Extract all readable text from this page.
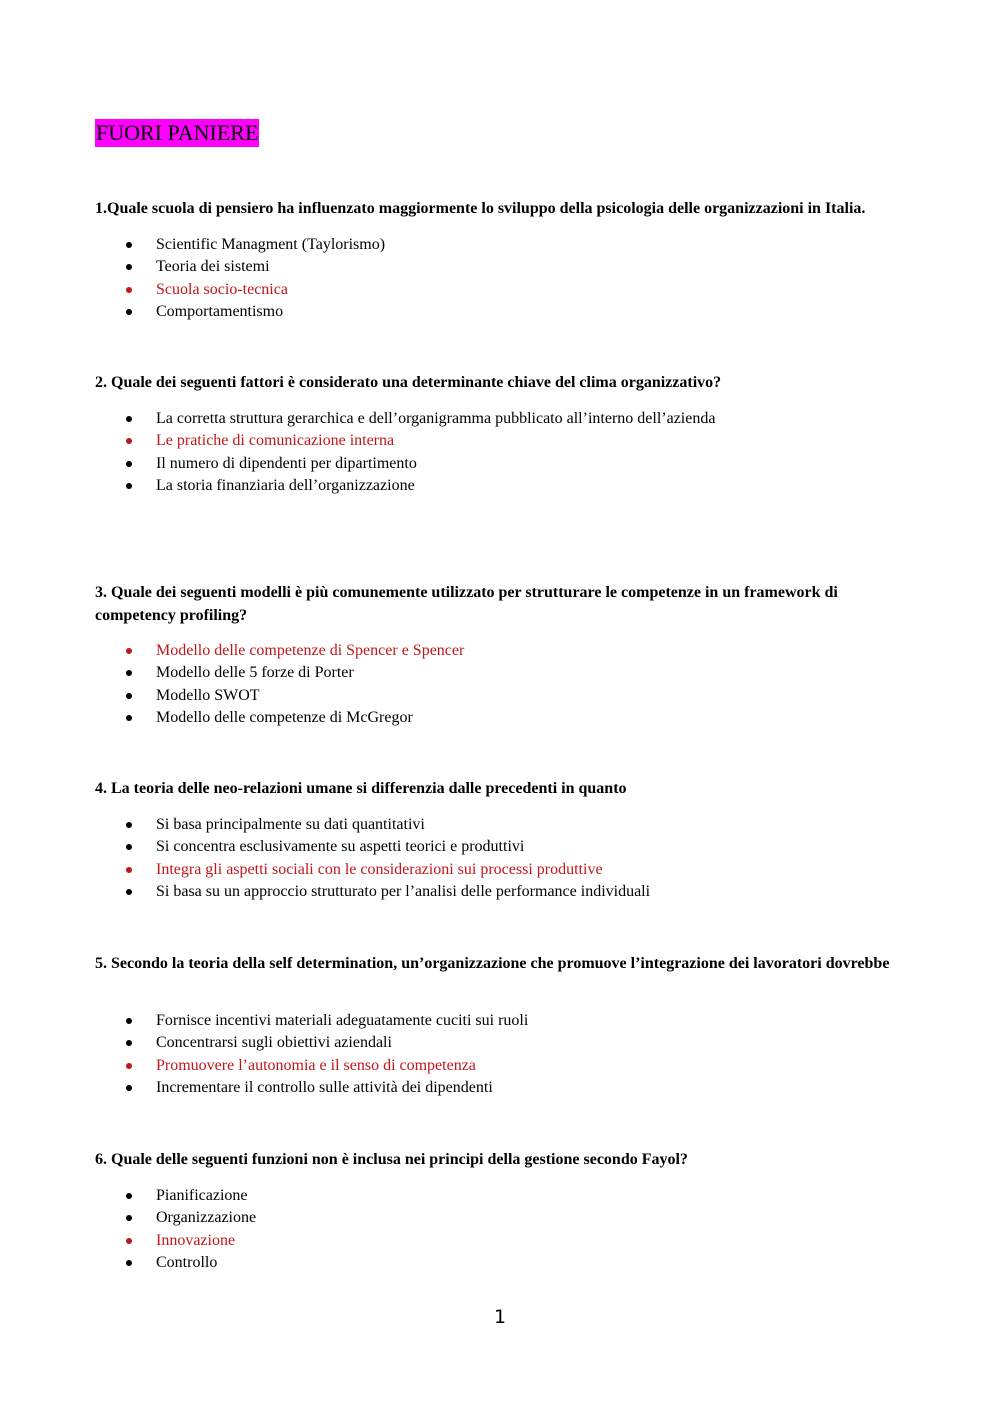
FUORI PANIERE

1.Quale scuola di pensiero ha influenzato maggiormente lo sviluppo della psicologia delle organizzazioni in Italia.

Scientific Managment (Taylorismo)
Teoria dei sistemi
Scuola socio-tecnica
Comportamentismo

2. Quale dei seguenti fattori è considerato una determinante chiave del clima organizzativo?

La corretta struttura gerarchica e dell’organigramma pubblicato all’interno dell’azienda
Le pratiche di comunicazione interna
Il numero di dipendenti per dipartimento
La storia finanziaria dell’organizzazione

3. Quale dei seguenti modelli è più comunemente utilizzato per strutturare le competenze in un framework di competency profiling?

Modello delle competenze di Spencer e Spencer
Modello delle 5 forze di Porter
Modello SWOT
Modello delle competenze di McGregor

4. La teoria delle neo-relazioni umane si differenzia dalle precedenti in quanto

Si basa principalmente su dati quantitativi
Si concentra esclusivamente su aspetti teorici e produttivi
Integra gli aspetti sociali con le considerazioni sui processi produttive
Si basa su un approccio strutturato per l’analisi delle performance individuali

5. Secondo la teoria della self determination, un’organizzazione che promuove l’integrazione dei lavoratori dovrebbe

Fornisce incentivi materiali adeguatamente cuciti sui ruoli
Concentrarsi sugli obiettivi aziendali
Promuovere l’autonomia e il senso di competenza
Incrementare il controllo sulle attività dei dipendenti

6. Quale delle seguenti funzioni non è inclusa nei principi della gestione secondo Fayol?

Pianificazione
Organizzazione
Innovazione
Controllo
1
